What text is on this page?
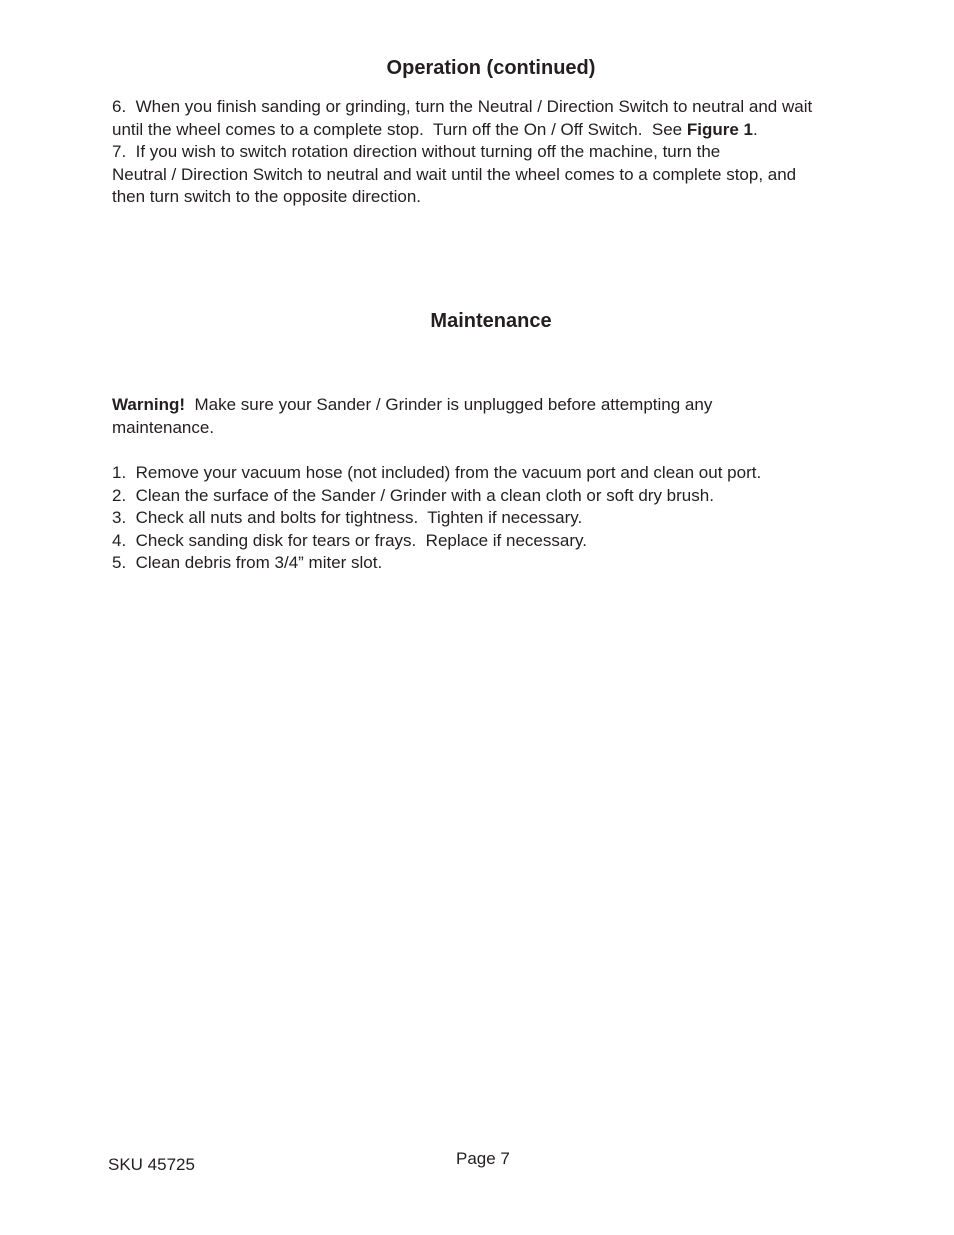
Operation (continued)
6.  When you finish sanding or grinding, turn the Neutral / Direction Switch to neutral and wait
until the wheel comes to a complete stop.  Turn off the On / Off Switch.  See Figure 1.
7.  If you wish to switch rotation direction without turning off the machine, turn the
Neutral / Direction Switch to neutral and wait until the wheel comes to a complete stop, and
then turn switch to the opposite direction.
Maintenance
Warning!  Make sure your Sander / Grinder is unplugged before attempting any
maintenance.
1.  Remove your vacuum hose (not included) from the vacuum port and clean out port.
2.  Clean the surface of the Sander / Grinder with a clean cloth or soft dry brush.
3.  Check all nuts and bolts for tightness.  Tighten if necessary.
4.  Check sanding disk for tears or frays.  Replace if necessary.
5.  Clean debris from 3/4” miter slot.
SKU 45725	Page 7
